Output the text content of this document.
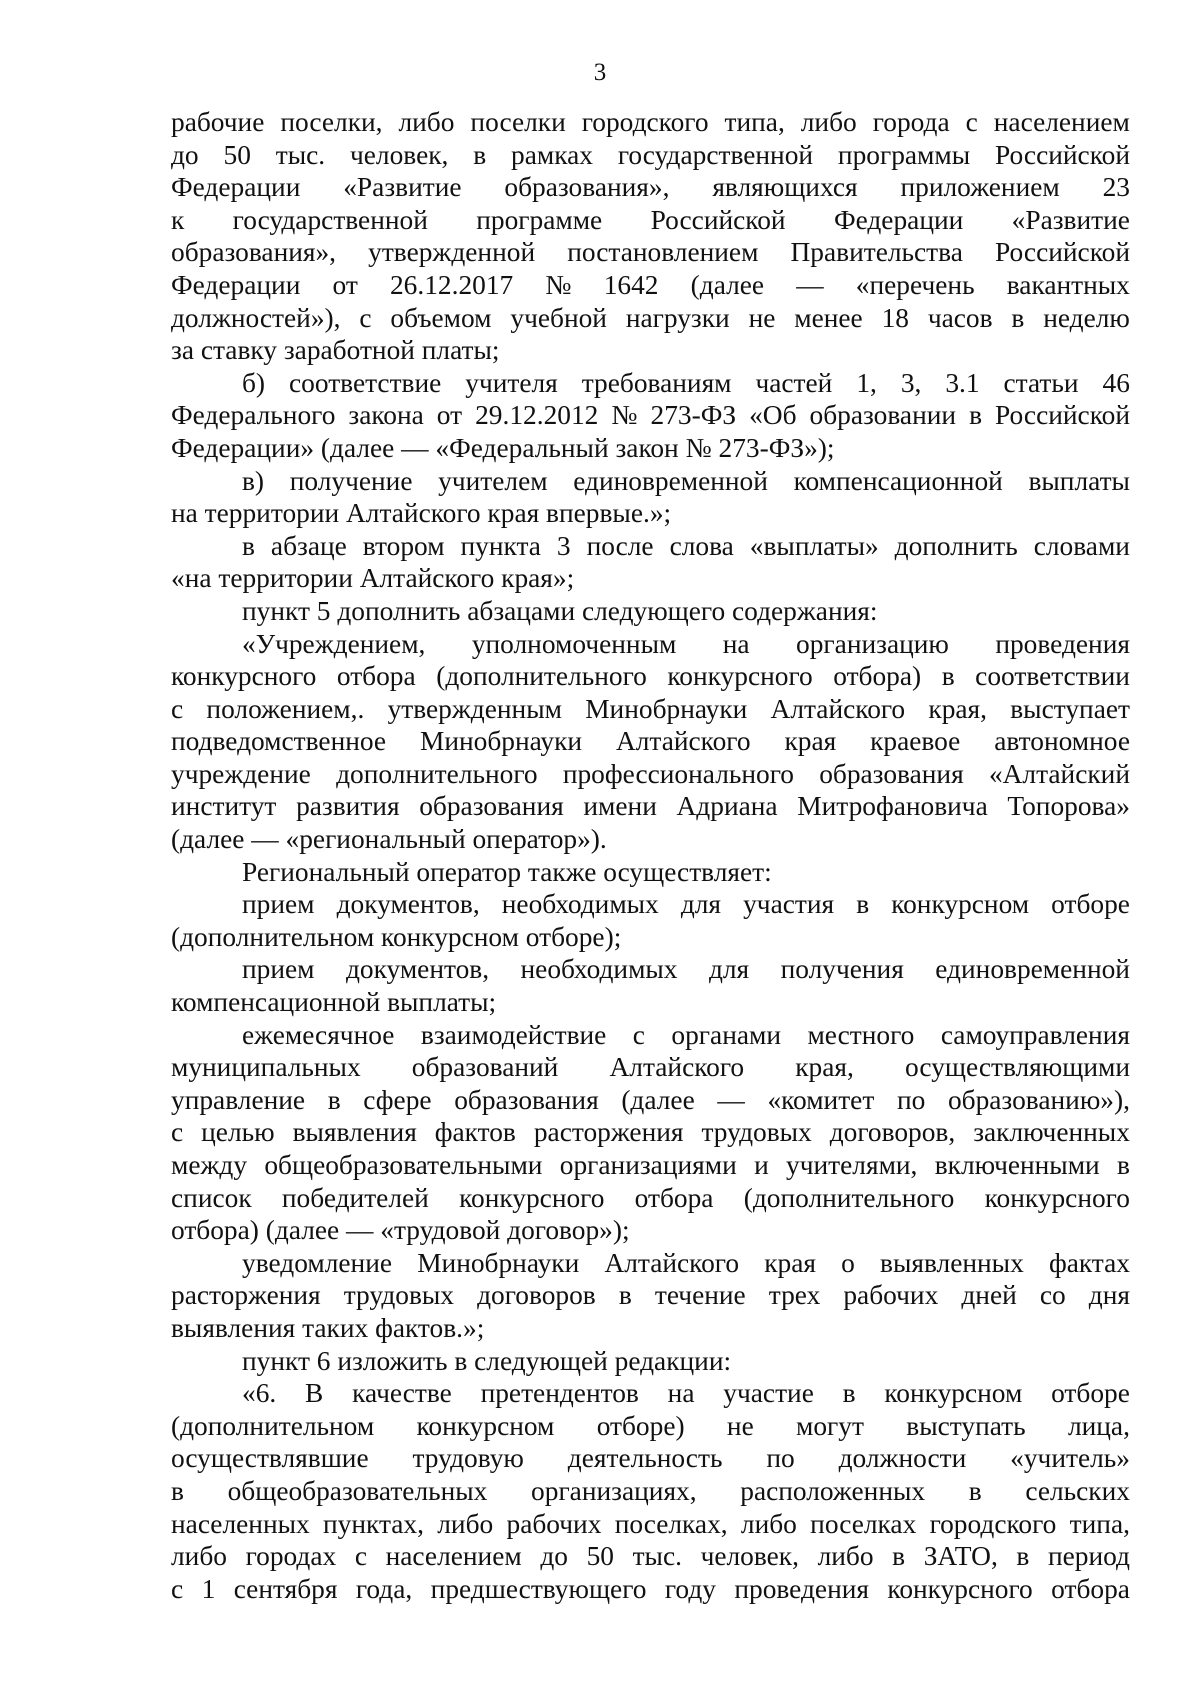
3
рабочие поселки, либо поселки городского типа, либо города с населением
до 50 тыс. человек, в рамках государственной программы Российской
Федерации «Развитие образования», являющихся приложением 23
к государственной программе Российской Федерации «Развитие
образования», утвержденной постановлением Правительства Российской
Федерации от 26.12.2017 № 1642 (далее — «перечень вакантных
должностей»), с объемом учебной нагрузки не менее 18 часов в неделю
за ставку заработной платы;
б) соответствие учителя требованиям частей 1, 3, 3.1 статьи 46
Федерального закона от 29.12.2012 № 273-ФЗ «Об образовании в Российской
Федерации» (далее — «Федеральный закон № 273-ФЗ»);
в) получение учителем единовременной компенсационной выплаты
на территории Алтайского края впервые.»;
в абзаце втором пункта 3 после слова «выплаты» дополнить словами
«на территории Алтайского края»;
пункт 5 дополнить абзацами следующего содержания:
«Учреждением, уполномоченным на организацию проведения
конкурсного отбора (дополнительного конкурсного отбора) в соответствии
с положением,. утвержденным Минобрнауки Алтайского края, выступает
подведомственное Минобрнауки Алтайского края краевое автономное
учреждение дополнительного профессионального образования «Алтайский
институт развития образования имени Адриана Митрофановича Топорова»
(далее — «региональный оператор»).
Региональный оператор также осуществляет:
прием документов, необходимых для участия в конкурсном отборе
(дополнительном конкурсном отборе);
прием документов, необходимых для получения единовременной
компенсационной выплаты;
ежемесячное взаимодействие с органами местного самоуправления
муниципальных образований Алтайского края, осуществляющими
управление в сфере образования (далее — «комитет по образованию»),
с целью выявления фактов расторжения трудовых договоров, заключенных
между общеобразовательными организациями и учителями, включенными в
список победителей конкурсного отбора (дополнительного конкурсного
отбора) (далее — «трудовой договор»);
уведомление Минобрнауки Алтайского края о выявленных фактах
расторжения трудовых договоров в течение трех рабочих дней со дня
выявления таких фактов.»;
пункт 6 изложить в следующей редакции:
«6. В качестве претендентов на участие в конкурсном отборе
(дополнительном конкурсном отборе) не могут выступать лица,
осуществлявшие трудовую деятельность по должности «учитель»
в общеобразовательных организациях, расположенных в сельских
населенных пунктах, либо рабочих поселках, либо поселках городского типа,
либо городах с населением до 50 тыс. человек, либо в ЗАТО, в период
с 1 сентября года, предшествующего году проведения конкурсного отбора
